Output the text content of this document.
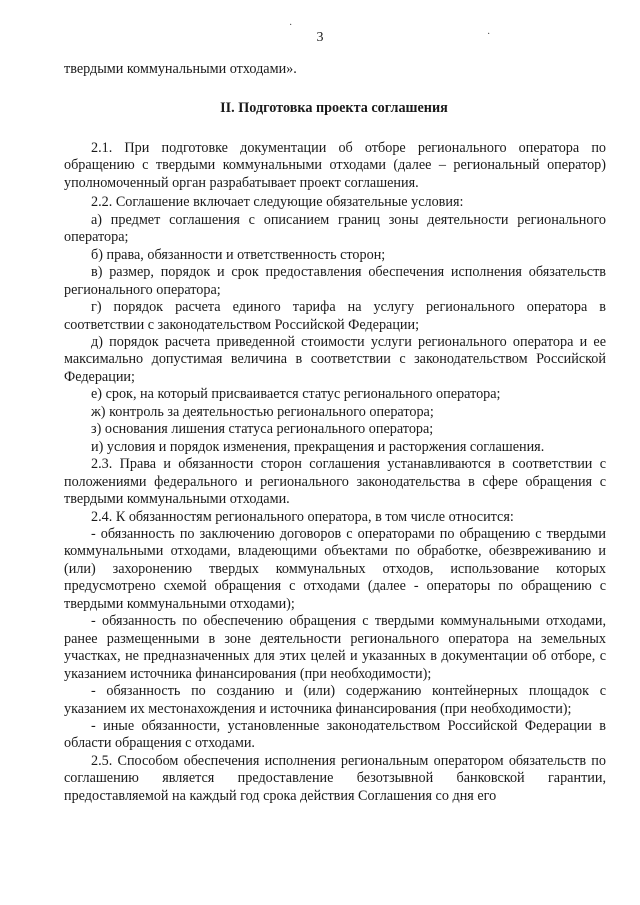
·
·
3
твердыми коммунальными отходами».
II. Подготовка проекта соглашения

2.1. При подготовке документации об отборе регионального оператора по обращению с твердыми коммунальными отходами (далее – региональный оператор) уполномоченный орган разрабатывает проект соглашения.

2.2. Соглашение включает следующие обязательные условия:

а) предмет соглашения с описанием границ зоны деятельности регионального оператора;

б) права, обязанности и ответственность сторон;

в) размер, порядок и срок предоставления обеспечения исполнения обязательств регионального оператора;

г) порядок расчета единого тарифа на услугу регионального оператора в соответствии с законодательством Российской Федерации;

д) порядок расчета приведенной стоимости услуги регионального оператора и ее максимально допустимая величина в соответствии с законодательством Российской Федерации;

е) срок, на который присваивается статус регионального оператора;

ж) контроль за деятельностью регионального оператора;

з) основания лишения статуса регионального оператора;

и) условия и порядок изменения, прекращения и расторжения соглашения.

2.3. Права и обязанности сторон соглашения устанавливаются в соответствии с положениями федерального и регионального законодательства в сфере обращения с твердыми коммунальными отходами.

2.4. К обязанностям регионального оператора, в том числе относится:

- обязанность по заключению договоров с операторами по обращению с твердыми коммунальными отходами, владеющими объектами по обработке, обезвреживанию и (или) захоронению твердых коммунальных отходов, использование которых предусмотрено схемой обращения с отходами (далее - операторы по обращению с твердыми коммунальными отходами);

- обязанность по обеспечению обращения с твердыми коммунальными отходами, ранее размещенными в зоне деятельности регионального оператора на земельных участках, не предназначенных для этих целей и указанных в документации об отборе, с указанием источника финансирования (при необходимости);

- обязанность по созданию и (или) содержанию контейнерных площадок с указанием их местонахождения и источника финансирования (при необходимости);

- иные обязанности, установленные законодательством Российской Федерации в области обращения с отходами.

2.5. Способом обеспечения исполнения региональным оператором обязательств по соглашению является предоставление безотзывной банковской гарантии, предоставляемой на каждый год срока действия Соглашения со дня его
